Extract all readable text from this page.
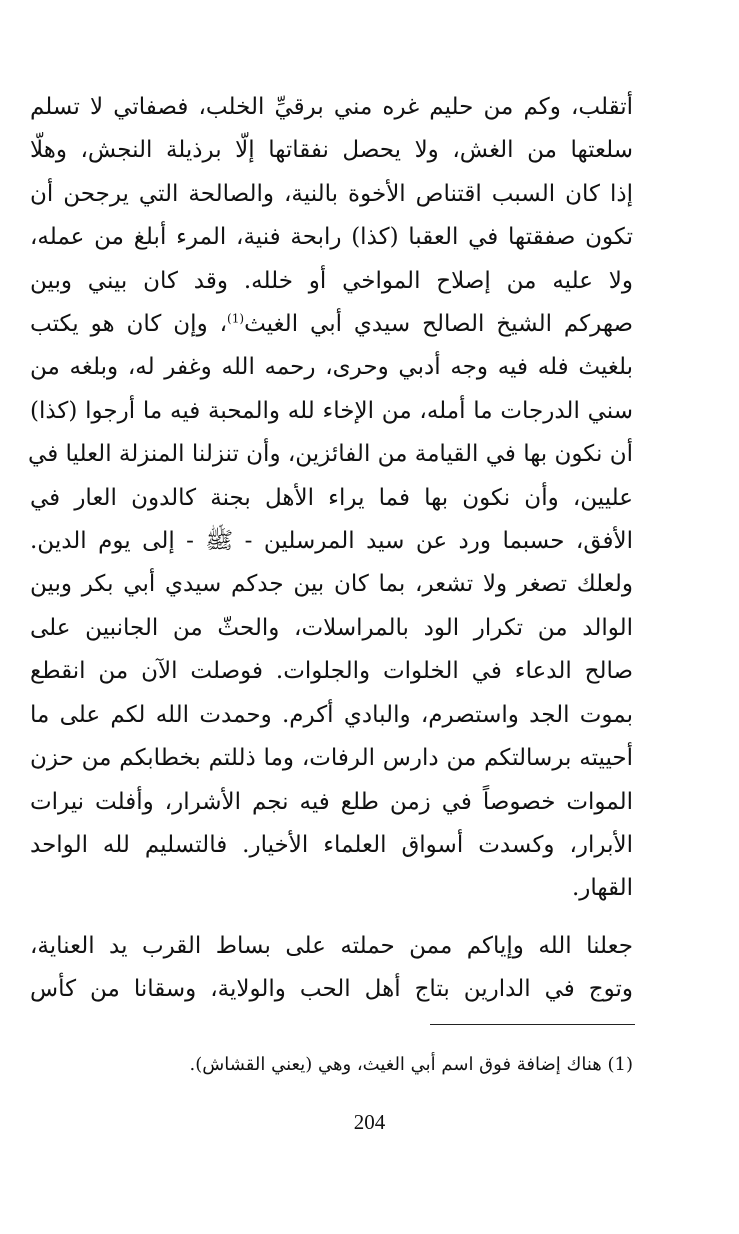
أتقلب، وكم من حليم غره مني برقيِّ الخلب، فصفاتي لا تسلم
سلعتها من الغش، ولا يحصل نفقاتها إلّا برذيلة النجش، وهلّا
إذا كان السبب اقتناص الأخوة بالنية، والصالحة التي يرجحن أن
تكون صفقتها في العقبا (كذا) رابحة فنية، المرء أبلغ من عمله،
ولا عليه من إصلاح المواخي أو خلله. وقد كان بيني وبين
صهركم الشيخ الصالح سيدي أبي الغيث$^{(1)}$، وإن كان هو يكتب
بلغيث فله فيه وجه أدبي وحرى، رحمه الله وغفر له، وبلغه من
سني الدرجات ما أمله، من الإخاء لله والمحبة فيه ما أرجوا (كذا)
أن نكون بها في القيامة من الفائزين، وأن تنزلنا المنزلة العليا في
عليين، وأن نكون بها فما يراء الأهل بجنة كالدون العار في
الأفق، حسبما ورد عن سيد المرسلين - ﷺ - إلى يوم الدين.
ولعلك تصغر ولا تشعر، بما كان بين جدكم سيدي أبي بكر وبين
الوالد من تكرار الود بالمراسلات، والحثّ من الجانبين على
صالح الدعاء في الخلوات والجلوات. فوصلت الآن من انقطع
بموت الجد واستصرم، والبادي أكرم. وحمدت الله لكم على ما
أحييته برسالتكم من دارس الرفات، وما ذللتم بخطابكم من حزن
الموات خصوصاً في زمن طلع فيه نجم الأشرار، وأفلت نيرات
الأبرار، وكسدت أسواق العلماء الأخيار. فالتسليم لله الواحد
القهار.
جعلنا الله وإياكم ممن حملته على بساط القرب يد العناية،
وتوج في الدارين بتاج أهل الحب والولاية، وسقانا من كأس
(1) هناك إضافة فوق اسم أبي الغيث، وهي (يعني القشاش).
204
